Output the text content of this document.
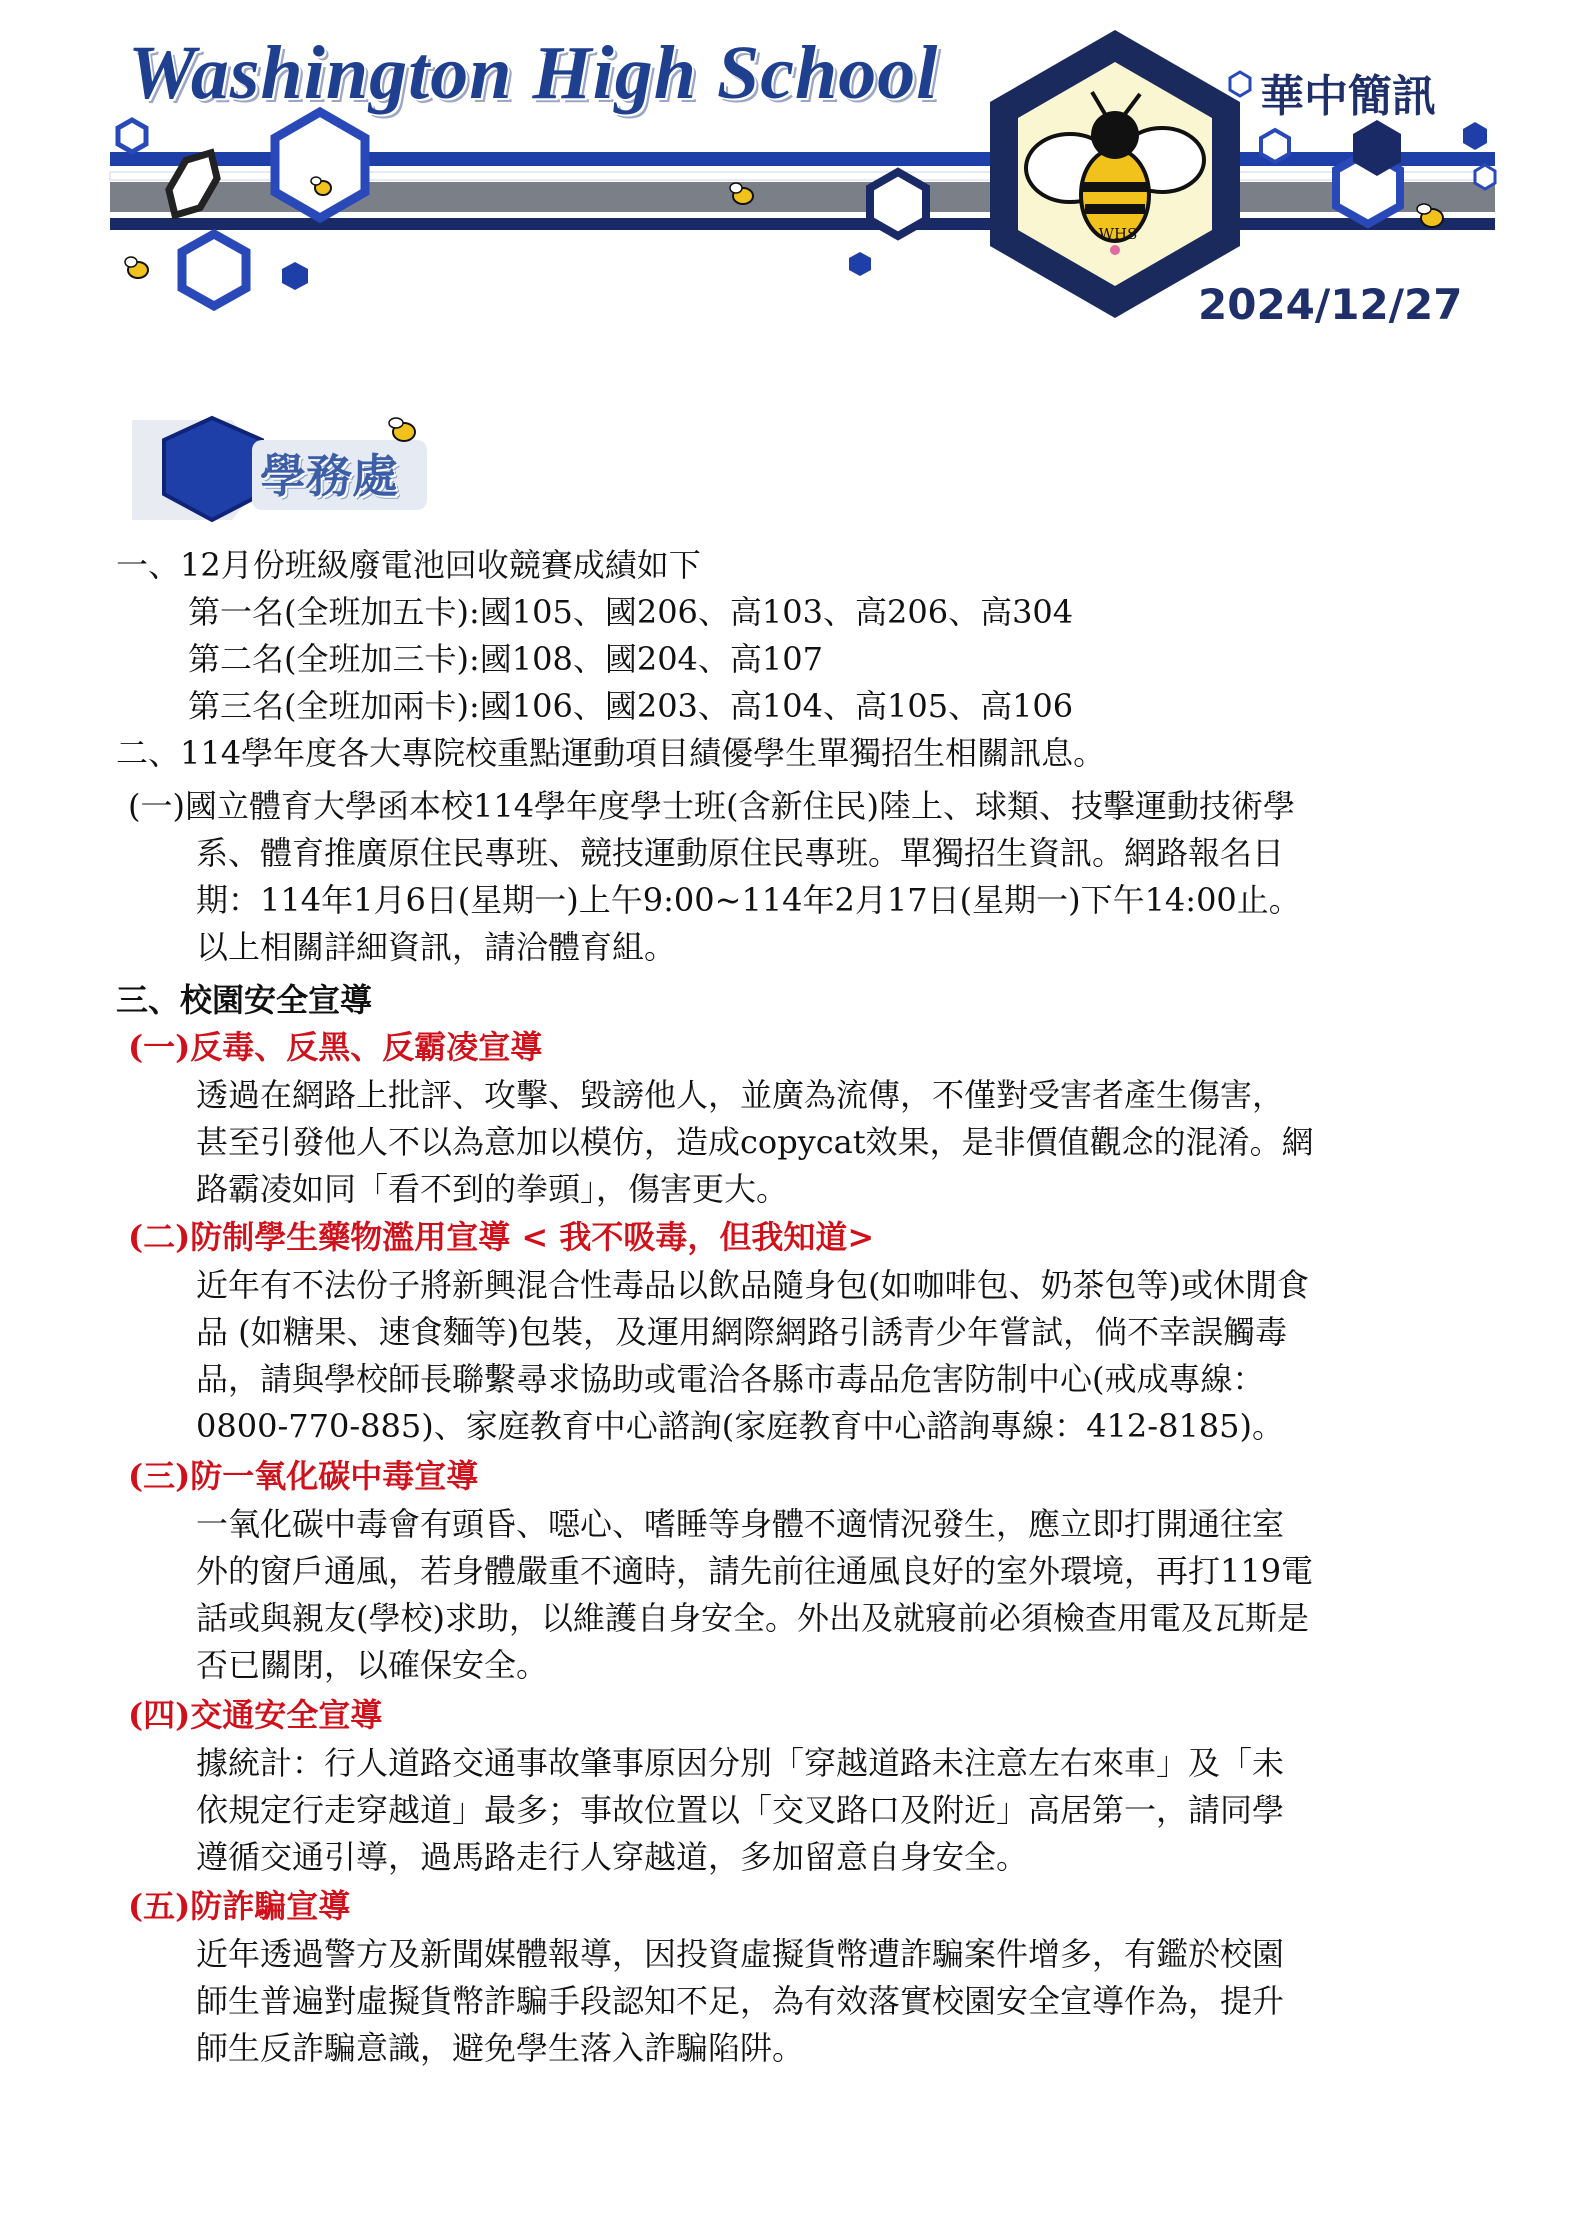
Washington High School	華中簡訊
2024/12/27
WHS
學務處
一、12月份班級廢電池回收競賽成績如下
第一名(全班加五卡):國105、國206、高103、高206、高304
第二名(全班加三卡):國108、國204、高107
第三名(全班加兩卡):國106、國203、高104、高105、高106
二、114學年度各大專院校重點運動項目績優學生單獨招生相關訊息。
(一)國立體育大學函本校114學年度學士班(含新住民)陸上、球類、技擊運動技術學
系、體育推廣原住民專班、競技運動原住民專班。單獨招生資訊。網路報名日
期：114年1月6日(星期一)上午9:00~114年2月17日(星期一)下午14:00止。
以上相關詳細資訊，請洽體育組。
三、校園安全宣導
(一)反毒、反黑、反霸凌宣導
透過在網路上批評、攻擊、毀謗他人，並廣為流傳，不僅對受害者產生傷害，
甚至引發他人不以為意加以模仿，造成copycat效果，是非價值觀念的混淆。網
路霸凌如同「看不到的拳頭」，傷害更大。
(二)防制學生藥物濫用宣導 < 我不吸毒，但我知道>
近年有不法份子將新興混合性毒品以飲品隨身包(如咖啡包、奶茶包等)或休閒食
品 (如糖果、速食麵等)包裝，及運用網際網路引誘青少年嘗試，倘不幸誤觸毒
品，請與學校師長聯繫尋求協助或電洽各縣市毒品危害防制中心(戒成專線：
0800-770-885)、家庭教育中心諮詢(家庭教育中心諮詢專線：412-8185)。
(三)防一氧化碳中毒宣導
一氧化碳中毒會有頭昏、噁心、嗜睡等身體不適情況發生，應立即打開通往室
外的窗戶通風，若身體嚴重不適時，請先前往通風良好的室外環境，再打119電
話或與親友(學校)求助，以維護自身安全。外出及就寢前必須檢查用電及瓦斯是
否已關閉，以確保安全。
(四)交通安全宣導
據統計：行人道路交通事故肇事原因分別「穿越道路未注意左右來車」及「未
依規定行走穿越道」最多；事故位置以「交叉路口及附近」高居第一，請同學
遵循交通引導，過馬路走行人穿越道，多加留意自身安全。
(五)防詐騙宣導
近年透過警方及新聞媒體報導，因投資虛擬貨幣遭詐騙案件增多，有鑑於校園
師生普遍對虛擬貨幣詐騙手段認知不足，為有效落實校園安全宣導作為，提升
師生反詐騙意識，避免學生落入詐騙陷阱。
